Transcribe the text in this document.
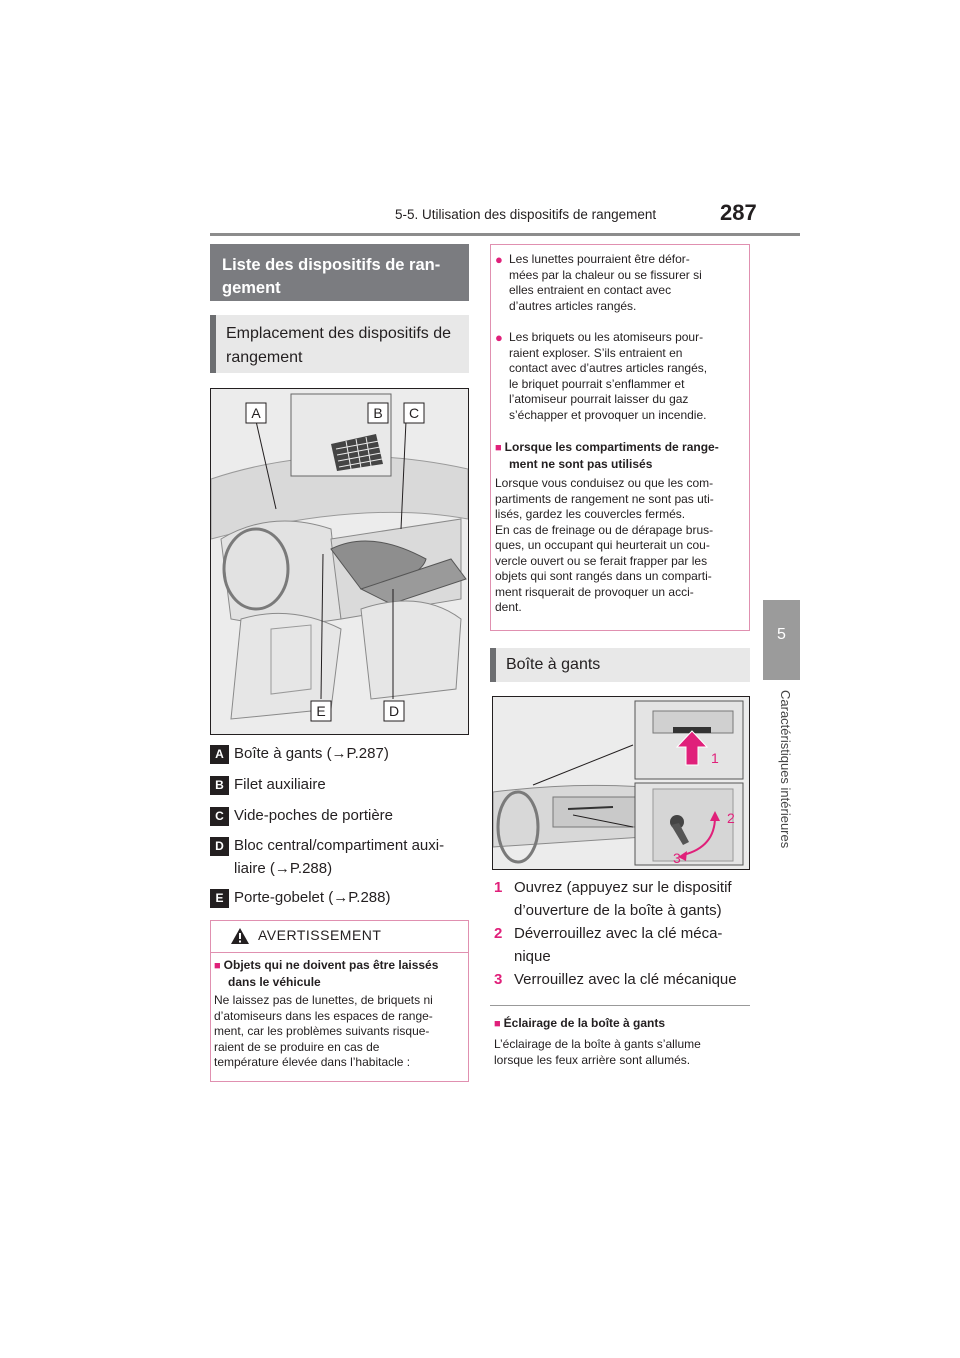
5-5. Utilisation des dispositifs de rangement	287
5
Caractéristiques intérieures
Liste des dispositifs de ran-
gement
Emplacement des dispositifs de
rangement
A	B C
E	D
A Boîte à gants (→P.287)
B Filet auxiliaire
C Vide-poches de portière
D Bloc central/compartiment auxi-
liaire (→P.288)
E Porte-gobelet (→P.288)
AVERTISSEMENT
■ Objets qui ne doivent pas être laissés
dans le véhicule
Ne laissez pas de lunettes, de briquets ni
d’atomiseurs dans les espaces de range-
ment, car les problèmes suivants risque-
raient de se produire en cas de
température élevée dans l’habitacle :
● Les lunettes pourraient être défor-
mées par la chaleur ou se fissurer si
elles entraient en contact avec
d’autres articles rangés.
● Les briquets ou les atomiseurs pour-
raient exploser. S’ils entraient en
contact avec d’autres articles rangés,
le briquet pourrait s’enflammer et
l’atomiseur pourrait laisser du gaz
s’échapper et provoquer un incendie.
■ Lorsque les compartiments de range-
ment ne sont pas utilisés
Lorsque vous conduisez ou que les com-
partiments de rangement ne sont pas uti-
lisés, gardez les couvercles fermés.
En cas de freinage ou de dérapage brus-
ques, un occupant qui heurterait un cou-
vercle ouvert ou se ferait frapper par les
objets qui sont rangés dans un comparti-
ment risquerait de provoquer un acci-
dent.
Boîte à gants
1
2
3
1 Ouvrez (appuyez sur le dispositif
d’ouverture de la boîte à gants)
2 Déverrouillez avec la clé méca-
nique
3 Verrouillez avec la clé mécanique
■ Éclairage de la boîte à gants
L’éclairage de la boîte à gants s’allume
lorsque les feux arrière sont allumés.
